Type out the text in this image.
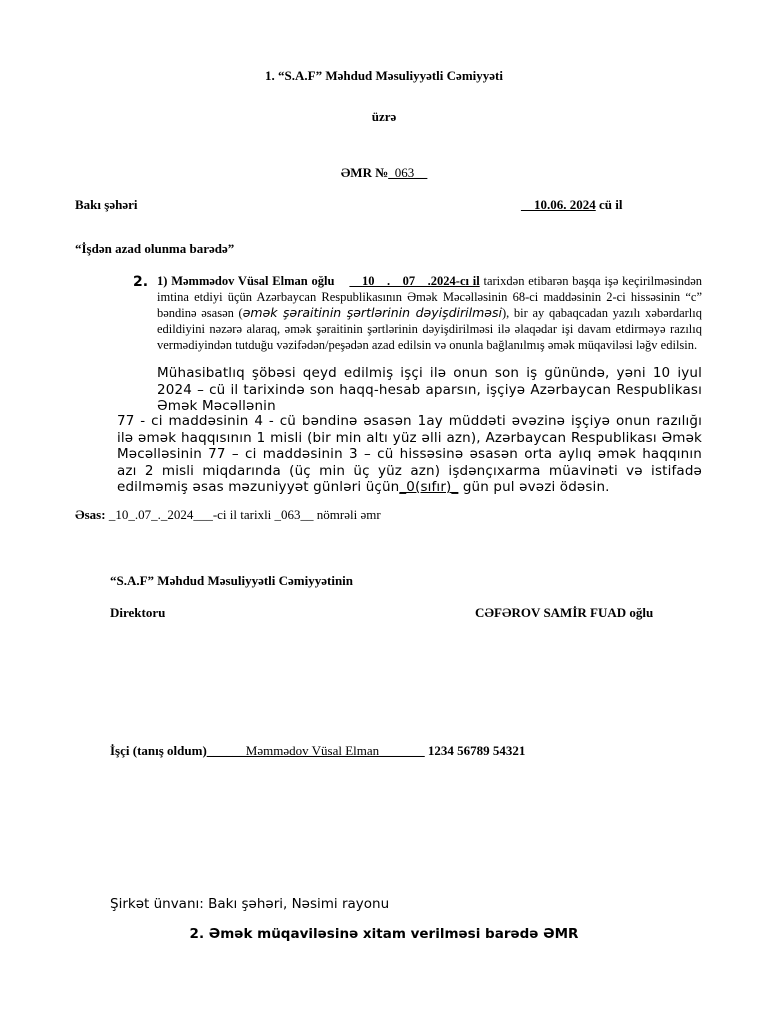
1. “S.A.F” Məhdud Məsuliyyətli Cəmiyyəti
üzrə
ƏMR №_063__
Bakı şəhəri	__10.06. 2024 cü il
“İşdən azad olunma barədə”
2. 1) Məmmədov Vüsal Elman oğlu __10__.__07__.2024-cı il tarixdən etibarən başqa işə keçirilməsindən imtina etdiyi üçün Azərbaycan Respublikasının Əmək Məcəlləsinin 68-ci maddəsinin 2-ci hissəsinin “c” bəndinə əsasən (əmək şəraitinin şərtlərinin dəyişdirilməsi), bir ay qabaqcadan yazılı xəbərdarlıq edildiyini nəzərə alaraq, əmək şəraitinin şərtlərinin dəyişdirilməsi ilə əlaqədar işi davam etdirməyə razılıq vermədiyindən tutduğu vəzifədən/peşədən azad edilsin və onunla bağlanılmış əmək müqaviləsi ləğv edilsin.
Mühasibatlıq şöbəsi qeyd edilmiş işçi ilə onun son iş günündə, yəni 10 iyul 2024 – cü il tarixində son haqq-hesab aparsın, işçiyə Azərbaycan Respublikası Əmək Məcəllənin
77 - ci maddəsinin 4 - cü bəndinə əsasən 1ay müddəti əvəzinə işçiyə onun razılığı ilə əmək haqqısının 1 misli (bir min altı yüz əlli azn), Azərbaycan Respublikası Əmək Məcəlləsinin 77 – ci maddəsinin 3 – cü hissəsinə əsasən orta aylıq əmək haqqının azı 2 misli miqdarında (üç min üç yüz azn) işdənçıxarma müavinəti və istifadə edilməmiş əsas məzuniyyət günləri üçün_0(sıfır)_ gün pul əvəzi ödəsin.
Əsas: _10_.07_._2024___-ci il tarixli _063__ nömrəli əmr
“S.A.F” Məhdud Məsuliyyətli Cəmiyyətinin
Direktoru	CƏFƏROV SAMİR FUAD oğlu
İşçi (tanış oldum)______Məmmədov Vüsal Elman_______ 1234 56789 54321
Şirkət ünvanı: Bakı şəhəri, Nəsimi rayonu
2. Əmək müqaviləsinə xitam verilməsi barədə ƏMR
